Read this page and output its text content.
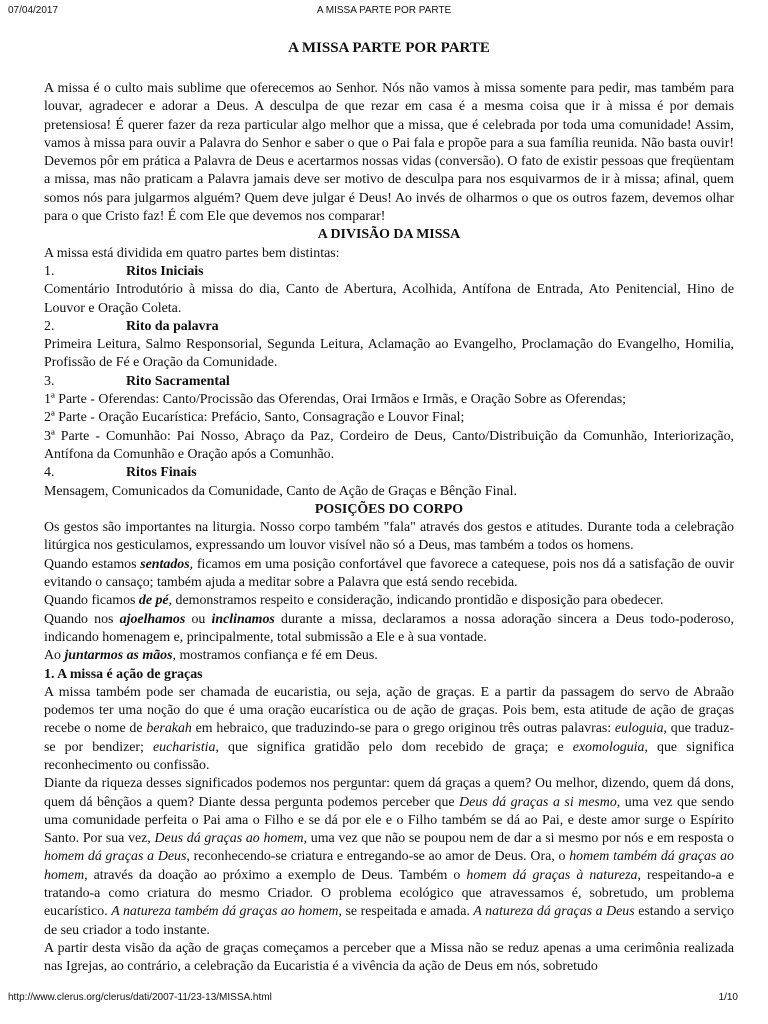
07/04/2017	A MISSA PARTE POR PARTE

A MISSA PARTE POR PARTE

A missa é o culto mais sublime que oferecemos ao Senhor. Nós não vamos à missa somente para pedir, mas também para louvar, agradecer e adorar a Deus. A desculpa de que rezar em casa é a mesma coisa que ir à missa é por demais pretensiosa! É querer fazer da reza particular algo melhor que a missa, que é celebrada por toda uma comunidade! Assim, vamos à missa para ouvir a Palavra do Senhor e saber o que o Pai fala e propõe para a sua família reunida. Não basta ouvir! Devemos pôr em prática a Palavra de Deus e acertarmos nossas vidas (conversão). O fato de existir pessoas que freqüentam a missa, mas não praticam a Palavra jamais deve ser motivo de desculpa para nos esquivarmos de ir à missa; afinal, quem somos nós para julgarmos alguém? Quem deve julgar é Deus! Ao invés de olharmos o que os outros fazem, devemos olhar para o que Cristo faz! É com Ele que devemos nos comparar!

A DIVISÃO DA MISSA

A missa está dividida em quatro partes bem distintas:

1.	Ritos Iniciais

Comentário Introdutório à missa do dia, Canto de Abertura, Acolhida, Antífona de Entrada, Ato Penitencial, Hino de Louvor e Oração Coleta.

2.	Rito da palavra

Primeira Leitura, Salmo Responsorial, Segunda Leitura, Aclamação ao Evangelho, Proclamação do Evangelho, Homilia, Profissão de Fé e Oração da Comunidade.

3.	Rito Sacramental

1ª Parte - Oferendas: Canto/Procissão das Oferendas, Orai Irmãos e Irmãs, e Oração Sobre as Oferendas;

2ª Parte - Oração Eucarística: Prefácio, Santo, Consagração e Louvor Final;

3ª Parte - Comunhão: Pai Nosso, Abraço da Paz, Cordeiro de Deus, Canto/Distribuição da Comunhão, Interiorização, Antífona da Comunhão e Oração após a Comunhão.

4.	Ritos Finais

Mensagem, Comunicados da Comunidade, Canto de Ação de Graças e Bênção Final.

POSIÇÕES DO CORPO

Os gestos são importantes na liturgia. Nosso corpo também "fala" através dos gestos e atitudes. Durante toda a celebração litúrgica nos gesticulamos, expressando um louvor visível não só a Deus, mas também a todos os homens.

Quando estamos sentados, ficamos em uma posição confortável que favorece a catequese, pois nos dá a satisfação de ouvir evitando o cansaço; também ajuda a meditar sobre a Palavra que está sendo recebida.

Quando ficamos de pé, demonstramos respeito e consideração, indicando prontidão e disposição para obedecer.

Quando nos ajoelhamos ou inclinamos durante a missa, declaramos a nossa adoração sincera a Deus todo-poderoso, indicando homenagem e, principalmente, total submissão a Ele e à sua vontade.

Ao juntarmos as mãos, mostramos confiança e fé em Deus.

1. A missa é ação de graças

A missa também pode ser chamada de eucaristia, ou seja, ação de graças. E a partir da passagem do servo de Abraão podemos ter uma noção do que é uma oração eucarística ou de ação de graças. Pois bem, esta atitude de ação de graças recebe o nome de berakah em hebraico, que traduzindo-se para o grego originou três outras palavras: euloguia, que traduz-se por bendizer; eucharistia, que significa gratidão pelo dom recebido de graça; e exomologuia, que significa reconhecimento ou confissão.

Diante da riqueza desses significados podemos nos perguntar: quem dá graças a quem? Ou melhor, dizendo, quem dá dons, quem dá bênçãos a quem? Diante dessa pergunta podemos perceber que Deus dá graças a si mesmo, uma vez que sendo uma comunidade perfeita o Pai ama o Filho e se dá por ele e o Filho também se dá ao Pai, e deste amor surge o Espírito Santo. Por sua vez, Deus dá graças ao homem, uma vez que não se poupou nem de dar a si mesmo por nós e em resposta o homem dá graças a Deus, reconhecendo-se criatura e entregando-se ao amor de Deus. Ora, o homem também dá graças ao homem, através da doação ao próximo a exemplo de Deus. Também o homem dá graças à natureza, respeitando-a e tratando-a como criatura do mesmo Criador. O problema ecológico que atravessamos é, sobretudo, um problema eucarístico. A natureza também dá graças ao homem, se respeitada e amada. A natureza dá graças a Deus estando a serviço de seu criador a todo instante.

A partir desta visão da ação de graças começamos a perceber que a Missa não se reduz apenas a uma cerimônia realizada nas Igrejas, ao contrário, a celebração da Eucaristia é a vivência da ação de Deus em nós, sobretudo

http://www.clerus.org/clerus/dati/2007-11/23-13/MISSA.html	1/10
